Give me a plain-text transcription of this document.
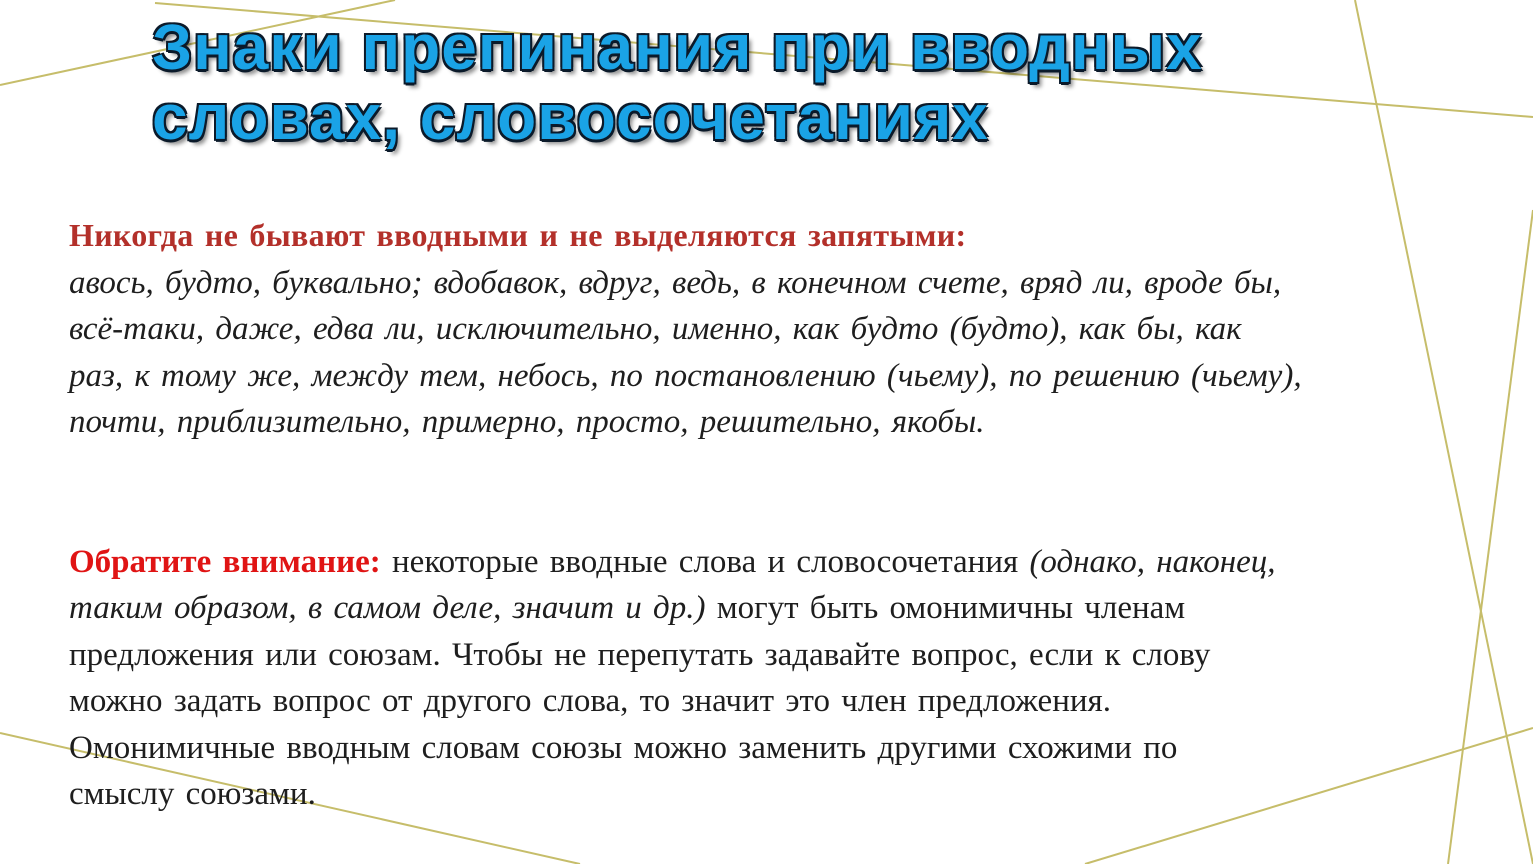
Знаки препинания при вводных
словах, словосочетаниях

Никогда не бывают вводными и не выделяются запятыми:
авось, будто, буквально; вдобавок, вдруг, ведь, в конечном счете, вряд ли, вроде бы,
всё-таки, даже, едва ли, исключительно, именно, как будто (будто), как бы, как
раз, к тому же, между тем, небось, по постановлению (чьему), по решению (чьему),
почти, приблизительно, примерно, просто, решительно, якобы.

Обратите внимание: некоторые вводные слова и словосочетания (однако, наконец,
таким образом, в самом деле, значит и др.) могут быть омонимичны членам
предложения или союзам. Чтобы не перепутать задавайте вопрос, если к слову
можно задать вопрос от другого слова, то значит это член предложения.
Омонимичные вводным словам союзы можно заменить другими схожими по
смыслу союзами.
